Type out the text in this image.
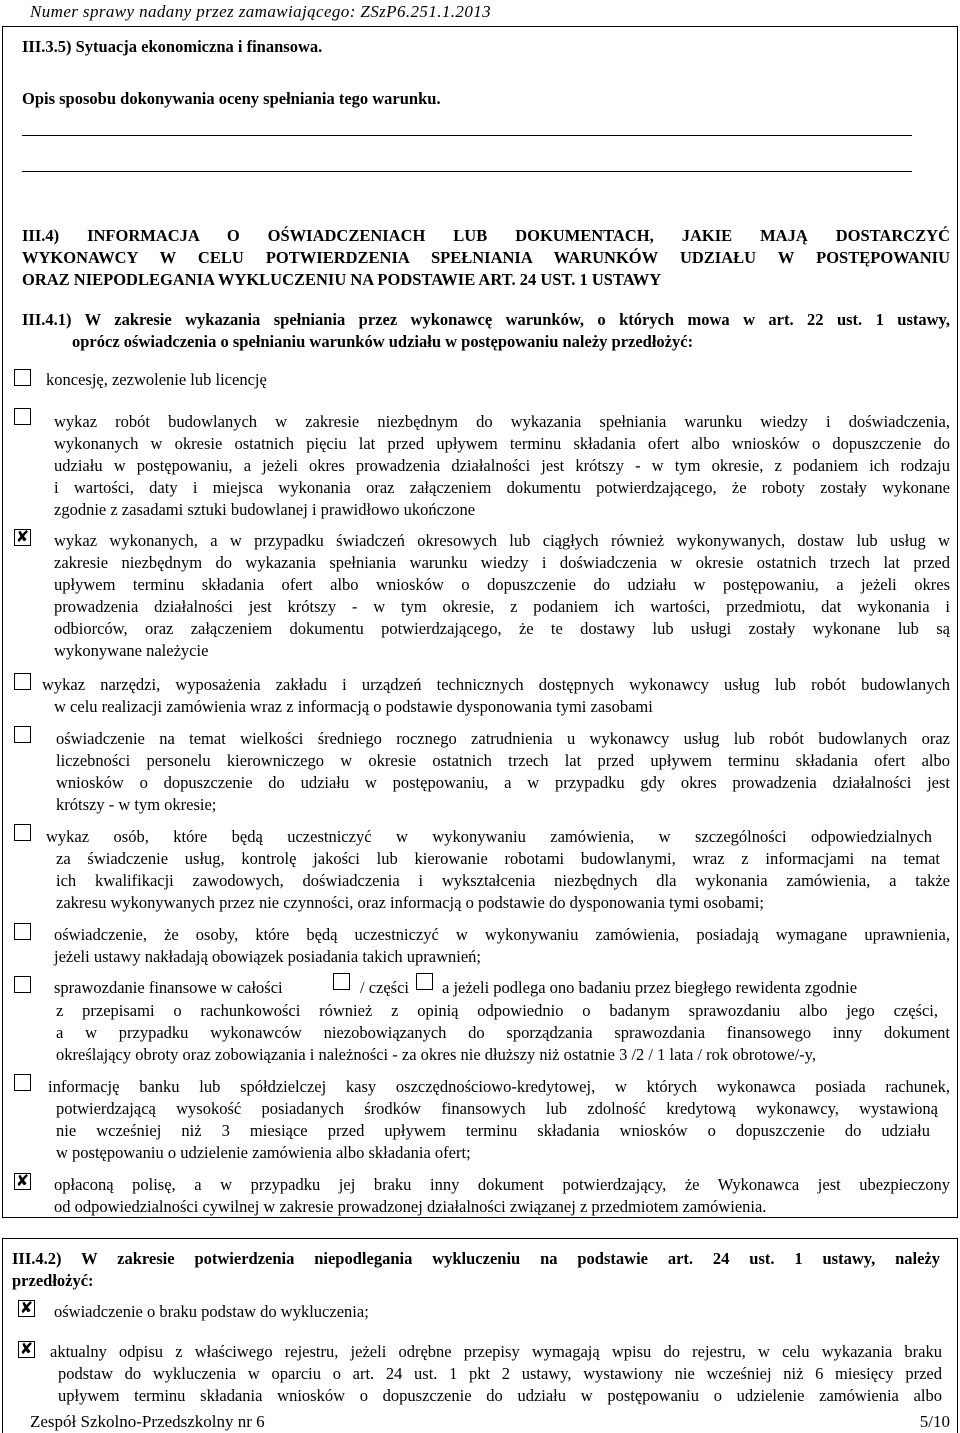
Numer sprawy nadany przez zamawiającego: ZSzP6.251.1.2013
III.3.5) Sytuacja ekonomiczna i finansowa.
Opis sposobu dokonywania oceny spełniania tego warunku.
III.4) INFORMACJA O OŚWIADCZENIACH LUB DOKUMENTACH, JAKIE MAJĄ DOSTARCZYĆ
WYKONAWCY W CELU POTWIERDZENIA SPEŁNIANIA WARUNKÓW UDZIAŁU W POSTĘPOWANIU
ORAZ NIEPODLEGANIA WYKLUCZENIU NA PODSTAWIE ART. 24 UST. 1 USTAWY
III.4.1) W zakresie wykazania spełniania przez wykonawcę warunków, o których mowa w art. 22 ust. 1 ustawy,
oprócz oświadczenia o spełnianiu warunków udziału w postępowaniu należy przedłożyć:
koncesję, zezwolenie lub licencję
wykaz robót budowlanych w zakresie niezbędnym do wykazania spełniania warunku wiedzy i doświadczenia,
wykonanych w okresie ostatnich pięciu lat przed upływem terminu składania ofert albo wniosków o dopuszczenie do
udziału w postępowaniu, a jeżeli okres prowadzenia działalności jest krótszy - w tym okresie, z podaniem ich rodzaju
i wartości, daty i miejsca wykonania oraz załączeniem dokumentu potwierdzającego, że roboty zostały wykonane
zgodnie z zasadami sztuki budowlanej i prawidłowo ukończone
✘ wykaz wykonanych, a w przypadku świadczeń okresowych lub ciągłych również wykonywanych, dostaw lub usług w
zakresie niezbędnym do wykazania spełniania warunku wiedzy i doświadczenia w okresie ostatnich trzech lat przed
upływem terminu składania ofert albo wniosków o dopuszczenie do udziału w postępowaniu, a jeżeli okres
prowadzenia działalności jest krótszy - w tym okresie, z podaniem ich wartości, przedmiotu, dat wykonania i
odbiorców, oraz załączeniem dokumentu potwierdzającego, że te dostawy lub usługi zostały wykonane lub są
wykonywane należycie
wykaz narzędzi, wyposażenia zakładu i urządzeń technicznych dostępnych wykonawcy usług lub robót budowlanych
w celu realizacji zamówienia wraz z informacją o podstawie dysponowania tymi zasobami
oświadczenie na temat wielkości średniego rocznego zatrudnienia u wykonawcy usług lub robót budowlanych oraz
liczebności personelu kierowniczego w okresie ostatnich trzech lat przed upływem terminu składania ofert albo
wniosków o dopuszczenie do udziału w postępowaniu, a w przypadku gdy okres prowadzenia działalności jest
krótszy - w tym okresie;
wykaz osób, które będą uczestniczyć w wykonywaniu zamówienia, w szczególności odpowiedzialnych
za świadczenie usług, kontrolę jakości lub kierowanie robotami budowlanymi, wraz z informacjami na temat
ich kwalifikacji zawodowych, doświadczenia i wykształcenia niezbędnych dla wykonania zamówienia, a także
zakresu wykonywanych przez nie czynności, oraz informacją o podstawie do dysponowania tymi osobami;
oświadczenie, że osoby, które będą uczestniczyć w wykonywaniu zamówienia, posiadają wymagane uprawnienia,
jeżeli ustawy nakładają obowiązek posiadania takich uprawnień;
sprawozdanie finansowe w całości	/ części a jeżeli podlega ono badaniu przez biegłego rewidenta zgodnie
z przepisami o rachunkowości również z opinią odpowiednio o badanym sprawozdaniu albo jego części,
a w przypadku wykonawców niezobowiązanych do sporządzania sprawozdania finansowego inny dokument
określający obroty oraz zobowiązania i należności - za okres nie dłuższy niż ostatnie 3 /2 / 1 lata / rok obrotowe/-y,
informację banku lub spółdzielczej kasy oszczędnościowo-kredytowej, w których wykonawca posiada rachunek,
potwierdzającą wysokość posiadanych środków finansowych lub zdolność kredytową wykonawcy, wystawioną
nie wcześniej niż 3 miesiące przed upływem terminu składania wniosków o dopuszczenie do udziału
w postępowaniu o udzielenie zamówienia albo składania ofert;
✘ opłaconą polisę, a w przypadku jej braku inny dokument potwierdzający, że Wykonawca jest ubezpieczony
od odpowiedzialności cywilnej w zakresie prowadzonej działalności związanej z przedmiotem zamówienia.
III.4.2) W zakresie potwierdzenia niepodlegania wykluczeniu na podstawie art. 24 ust. 1 ustawy, należy
przedłożyć:
✘ oświadczenie o braku podstaw do wykluczenia;
✘ aktualny odpisu z właściwego rejestru, jeżeli odrębne przepisy wymagają wpisu do rejestru, w celu wykazania braku
podstaw do wykluczenia w oparciu o art. 24 ust. 1 pkt 2 ustawy, wystawiony nie wcześniej niż 6 miesięcy przed
upływem terminu składania wniosków o dopuszczenie do udziału w postępowaniu o udzielenie zamówienia albo
Zespół Szkolno-Przedszkolny nr 6	5/10
